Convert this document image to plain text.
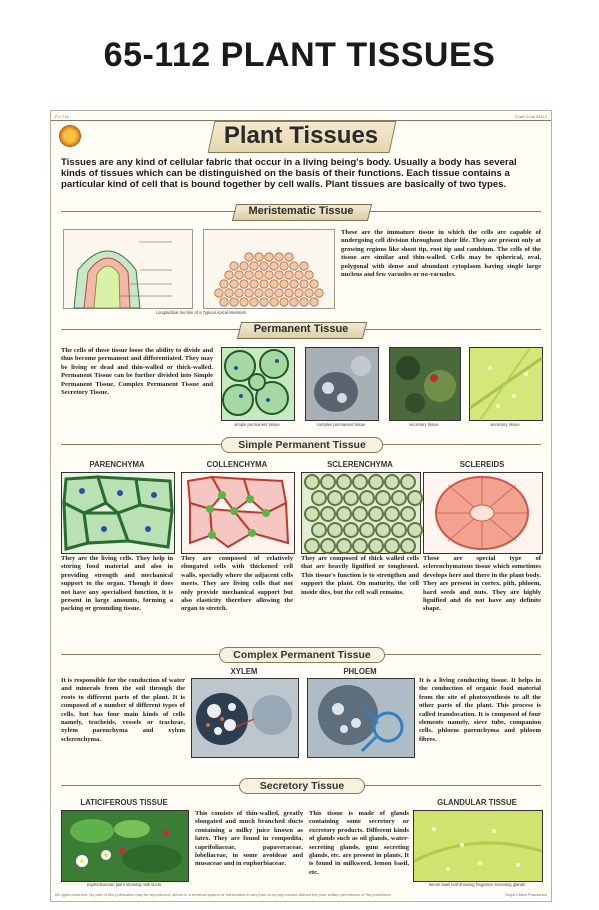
65-112 PLANT TISSUES
P.V 716	Chart Code 65112
Plant Tissues
Tissues are any kind of cellular fabric that occur in a living being's body. Usually a body has several kinds of tissues which can be distinguished on the basis of their functions. Each tissue contains a particular kind of cell that is bound together by cell walls. Plant tissues are basically of two types.
Meristematic Tissue
Longitudinal Section of a Typical Apical Meristem

These are the immature tissue in which the cells are capable of undergoing cell division throughout their life. They are present only at growing regions like shoot tip, root tip and cambium. The cells of the tissue are similar and thin-walled. Cells may be spherical, oval, polygonal with dense and abundant cytoplasm having single large nucleus and few vacuoles or no-vacuoles.

Permanent Tissue

The cells of these tissue loose the ability to divide and thus become permanent and differentiated. They may be living or dead and thin-walled or thick-walled. Permanent Tissue can be further divided into Simple Permanent Tissue, Complex Permanent Tissue and Secretory Tissue.

simple permanent tissue	complex permanent tissue	secretory tissue	secretory tissue
Simple Permanent Tissue
PARENCHYMA	COLLENCHYMA	SCLERENCHYMA	SCLEREIDS

They are the living cells. They help in storing food material and also in providing strength and mechanical support to the organ. Though it does not have any specialised function, it is present in large amounts, forming a packing or grounding tissue.

They are composed of relatively elongated cells with thickened cell walls, specially where the adjacent cells meets. They are living cells that not only provide mechanical support but also elasticity therefore allowing the organ to stretch.

They are composed of thick walled cells that are heavily lignified or toughened. This tissue's function is to strengthen and support the plant. On maturity, the cell inside dies, but the cell wall remains.

These are special type of sclerenchymatous tissue which sometimes develops here and there in the plant body. They are present in cortex, pith, phloem, hard seeds and nuts. They are highly lignified and do not have any definite shape.

Complex Permanent Tissue

It is responsible for the conduction of water and minerals from the soil through the roots to different parts of the plant. It is composed of a number of different types of cells, but has four main kinds of cells namely, tracheids, vessels or tracheae, xylem parenchyma and xylem sclerenchyma.

XYLEM	PHLOEM

It is a living conducting tissue. It helps in the conduction of organic food material from the site of photosynthesis to all the other parts of the plant. This process is called translocation. It is composed of four elements namely, sieve tube, companion cells, phloem parenchyma and phloem fibres.

Secretory Tissue
LATICIFEROUS TISSUE	GLANDULAR TISSUE

This consists of thin-walled, greatly elongated and much branched ducts containing a milky juice known as latex. They are found in compodita, caprifoliaceae, papaveraceae, lobeliaceae, in some avoideae and musaceae and in euphorbiaceae.

This tissue is made of glands containing some secretory or excretory products. Different kinds of glands such as oil glands, water-secreting glands, gum secreting glands, etc. are present in plants. It is found in milkweed, lemon basil, etc.

euphorbiaceae plant showing milk ducts	lemon basil leaf showing fragrance secreting glands
All rights reserved. No part of this publication may be reproduced, stored in a retrieval system or transmitted in any form or by any means without the prior written permission of the publishers.	Vidya Chitra Prakashan
